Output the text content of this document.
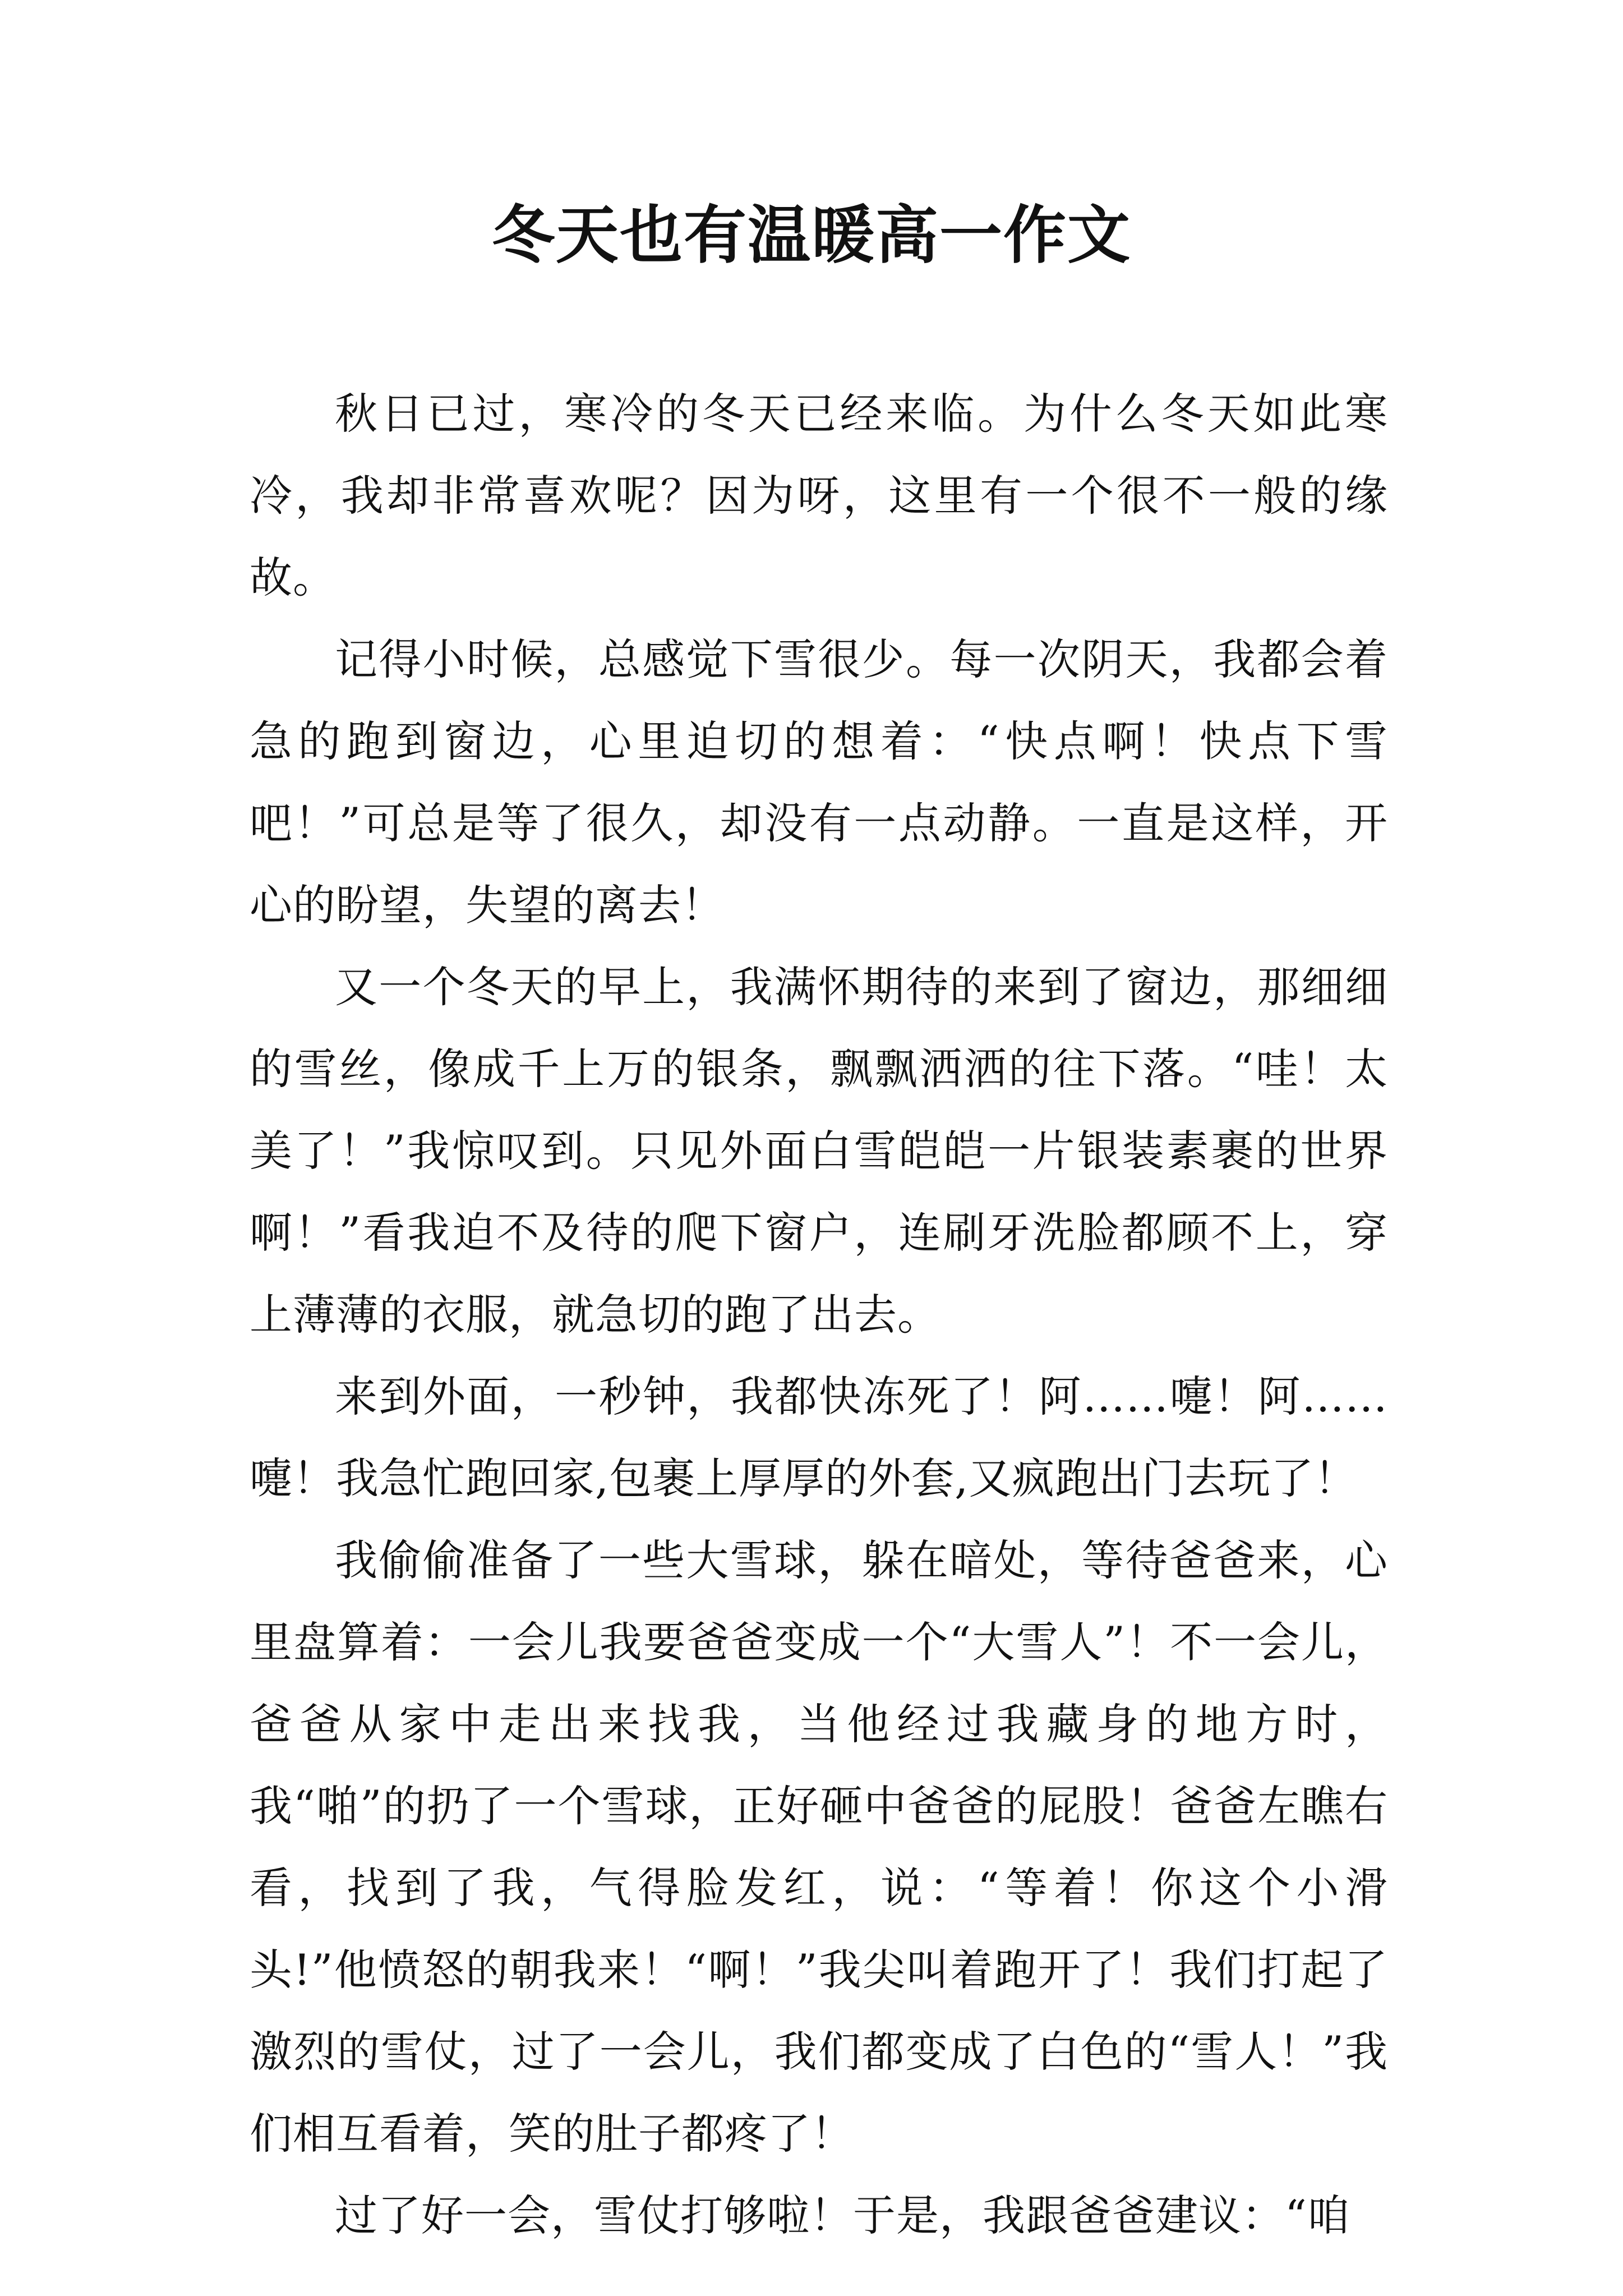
冬天也有温暖高一作文

秋日已过，寒冷的冬天已经来临。为什么冬天如此寒冷，我却非常喜欢呢？因为呀，这里有一个很不一般的缘故。

记得小时候，总感觉下雪很少。每一次阴天，我都会着急的跑到窗边，心里迫切的想着：“快点啊！快点下雪吧！”可总是等了很久，却没有一点动静。一直是这样，开心的盼望，失望的离去！

又一个冬天的早上，我满怀期待的来到了窗边，那细细的雪丝，像成千上万的银条，飘飘洒洒的往下落。“哇！太美了！”我惊叹到。只见外面白雪皑皑一片银装素裹的世界啊！”看我迫不及待的爬下窗户，连刷牙洗脸都顾不上，穿上薄薄的衣服，就急切的跑了出去。

来到外面，一秒钟，我都快冻死了！阿……嚏！阿……嚏！我急忙跑回家,包裹上厚厚的外套,又疯跑出门去玩了！

我偷偷准备了一些大雪球，躲在暗处，等待爸爸来，心里盘算着：一会儿我要爸爸变成一个“大雪人”！不一会儿，爸爸从家中走出来找我，当他经过我藏身的地方时，我“啪”的扔了一个雪球，正好砸中爸爸的屁股！爸爸左瞧右看，找到了我，气得脸发红，说：“等着！你这个小滑头!”他愤怒的朝我来！“啊！”我尖叫着跑开了！我们打起了激烈的雪仗，过了一会儿，我们都变成了白色的“雪人！”我们相互看着，笑的肚子都疼了！

过了好一会，雪仗打够啦！于是，我跟爸爸建议：“咱
